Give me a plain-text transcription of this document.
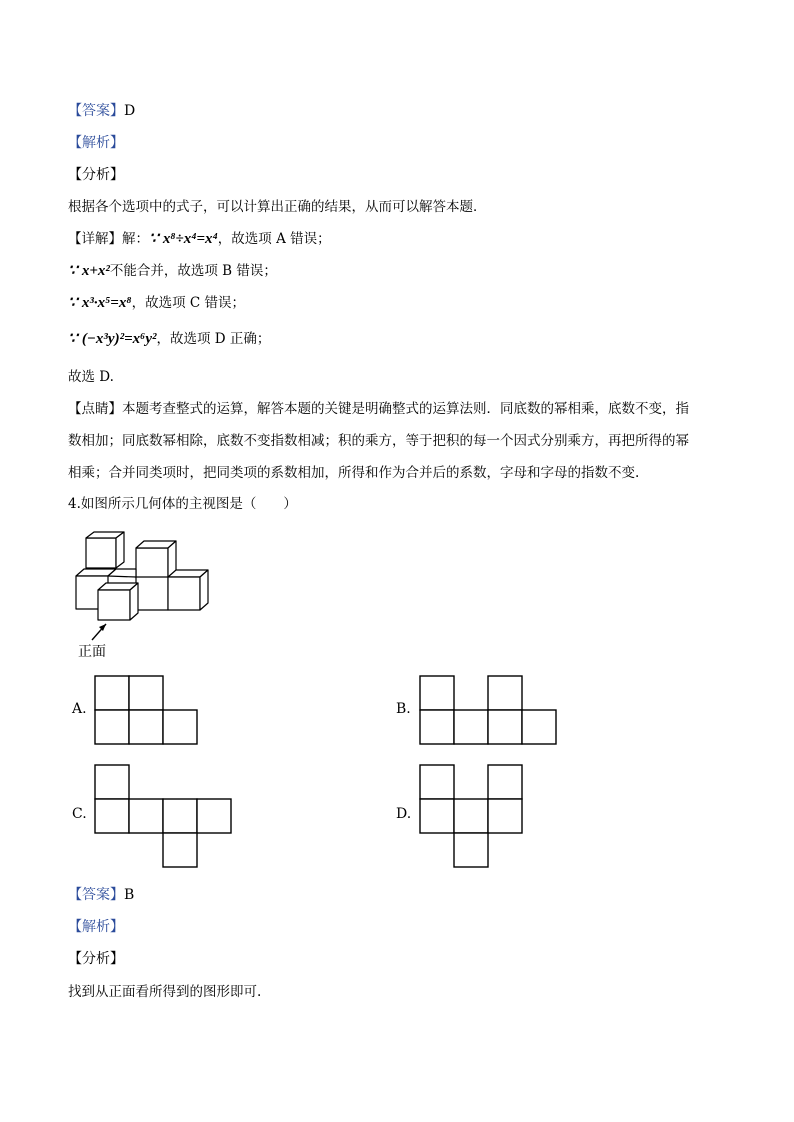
【答案】D
【解析】
【分析】
根据各个选项中的式子，可以计算出正确的结果，从而可以解答本题．
【详解】解：∵ x⁸÷x⁴=x⁴，故选项 A 错误；
∵ x+x²不能合并，故选项 B 错误；
∵ x³·x⁵=x⁸，故选项 C 错误；
∵ (−x³y)²=x⁶y²，故选项 D 正确；
故选 D.
【点睛】本题考查整式的运算，解答本题的关键是明确整式的运算法则．同底数的幂相乘，底数不变，指
数相加；同底数幂相除，底数不变指数相减；积的乘方，等于把积的每一个因式分别乘方，再把所得的幂
相乘；合并同类项时，把同类项的系数相加，所得和作为合并后的系数，字母和字母的指数不变.
4.如图所示几何体的主视图是（　　）
正面
A.	B.
C.	D.
【答案】B
【解析】
【分析】
找到从正面看所得到的图形即可.
